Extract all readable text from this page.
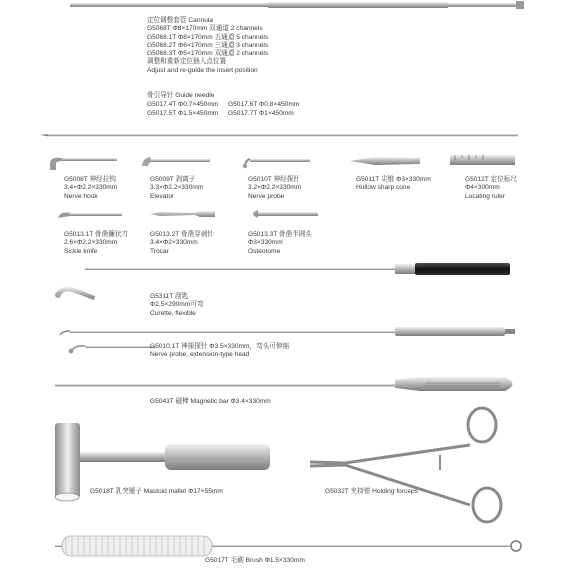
定位调整套管 Cannula
G5068T Φ8×170mm 双通道 2 channels
G5068.1T Φ8×170mm 五通道 5 channels
G5068.2T Φ6×170mm 三通道 3 channels
G5068.3T Φ5×170mm 双通道 2 channels
调整和重新定位插入点位置
Adjust and re-guide the insert position
骨引导针 Guide needle
G5017.4T Φ0.7×450mm G5017.6T Φ0.8×450mm
G5017.5T Φ1.5×450mm G5017.7T Φ1×450mm
G5008T 神经拉钩
3.4×Φ2.2×330mm
Nerve hook
G5009T 剥离子
3.3×Φ2.2×330mm
Elevator
G5010T 神经探针
3.2×Φ2.2×330mm
Nerve probe
G5011T 尖锥 Φ3×330mm
Hollow sharp cone
G5012T 定位标尺
Φ4×300mm
Locating ruler
G5013.1T 骨凿镰状刀
2.6×Φ2.2×330mm
Sickle knife
G5013.2T 骨凿穿刺针
3.4×Φ2×330mm
Trocar
G5013.3T 骨凿半圆头
Φ3×330mm
Osteotome
G5311T 刮匙
Φ2.5×290mm可弯
Curette, flexible
G5010.1T 神探探针 Φ3.5×330mm，弯头可伸缩
Nerve probe, extension-type head
G5043T 磁棒 Magnetic bar Φ3.4×330mm
G5018T 乳突锤子 Mastoid mallet Φ17×55mm	G5032T 夹持钳 Holding forceps
G5017T 毛刷 Brush Φ1.5×330mm
